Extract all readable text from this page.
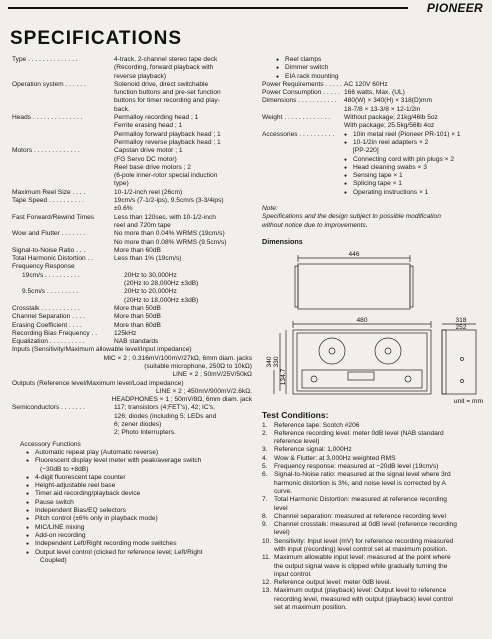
PIONEER
SPECIFICATIONS
Type . . . . . . . . . . . . . .	4-track, 2-channel stereo tape deck
(Recording, forward playback with
reverse playback)
Operation system . . . . . .	Solenoid drive, direct switchable
function buttons and pre-set function
buttons for timer recording and play-
back.
Heads . . . . . . . . . . . . . .	Permalloy recording head ; 1
Ferrite erasing head ; 1
Permalloy forward playback head ; 1
Permalloy reverse playback head ; 1
Motors . . . . . . . . . . . . .	Capstan drive motor ; 1
(FG Servo DC motor)
Reel base drive motors ; 2
(6-pole inner-rotor special induction
type)
Maximum Reel Size . . . .	10-1/2-inch reel (26cm)
Tape Speed . . . . . . . . . .	19cm/s (7-1/2-ips), 9.5cm/s (3-3/4ips)
±0.6%
Fast Forward/Rewind Times	Less than 120sec. with 10-1/2-inch
reel and 720m tape
Wow and Flutter . . . . . . .	No more than 0.04% WRMS (19cm/s)
No more than 0.08% WRMS (9.5cm/s)
Signal-to-Noise Ratio . . .	More than 60dB
Total Harmonic Distortion . .	Less than 1% (19cm/s)
Frequency Response
19cm/s . . . . . . . . . .	20Hz to 30,000Hz
(20Hz to 28,000Hz ±3dB)
9.5cm/s . . . . . . . . .	20Hz to 20,000Hz
(20Hz to 18,000Hz ±3dB)
Crosstalk . . . . . . . . . . .	More than 50dB
Channel Separation . . . .	More than 50dB
Erasing Coefficient . . . .	More than 60dB
Recording Bias Frequency . .	125kHz
Equalization . . . . . . . . . .	NAB standards
Inputs (Sensitivity/Maximum allowable level/Input impedance)
MIC × 2 ; 0.316mV/100mV/27kΩ, 6mm diam. jacks
(suitable microphone, 250Ω to 10kΩ)
LINE × 2 ; 50mV/25V/50kΩ
Outputs (Reference level/Maximum level/Load impedance)
LINE × 2 ; 450mV/900mV/2.6kΩ,
HEADPHONES × 1 ; 50mV/8Ω, 6mm diam. jack
Semiconductors . . . . . . .	117; transistors (4;FET's), 42; IC's,
126; diodes (including 5; LEDs and
6; zener diodes)
2; Photo Interrupters.
Accessory Functions
● Automatic repeat play (Automatic reverse)
● Fluorescent display level meter with peak/average switch
(−30dB to +8dB)
● 4-digit fluorescent tape counter
● Height-adjustable reel base
● Timer aid recording/playback device
● Pause switch
● Independent Bias/EQ selectors
● Pitch control (±6% only in playback mode)
● MIC/LINE mixing
● Add-on recording
● Independent Left/Right recording mode switches
● Output level control (clicked for reference level; Left/Right
Coupled)
● Reel clamps
● Dimmer switch
● EIA rack mounting
Power Requirements . . . . . AC 120V 60Hz
Power Consumption . . . . . 166 watts, Max. (UL)
Dimensions . . . . . . . . . . .	480(W) × 340(H) × 318(D)mm
18-7/8 × 13-3/8 × 12-1/2in
Weight . . . . . . . . . . . . .	Without package; 21kg/46lb 5oz
With package; 25.5kg/56lb 4oz
Accessories . . . . . . . . . .
●	10in metal reel (Pioneer PR-101) × 1
● 10-1/2in reel adapters × 2
[PP-220]
● Connecting cord with pin plugs × 2
● Head cleaning swabs × 3
● Sensing tape × 1
● Splicing tape × 1
● Operating instructions × 1
Note:
Specifications and the design subject to possible modification
without notice due to improvements.
Dimensions
446
480	318
252
340 330
134.7
unit = mm
Test Conditions:
1. Reference tape: Scotch #206
2. Reference recording level: meter 0dB level (NAB standard
reference level)
3. Reference signal: 1,000Hz
4. Wow & Flutter: at 3,000Hz weighted RMS
5. Frequency response: measured at −20dB level (19cm/s)
6. Signal-to-Noise ratio: measured at the signal level where 3rd
harmonic distortion is 3%, and noise level is corrected by A
curve.
7. Total Harmonic Distortion: measured at reference recording
level
8. Channel separation: measured at reference recording level
9. Channel crosstalk: measured at 0dB level (reference recording
level)
10. Sensitivity: Input level (mV) for reference recording measured
with input (recording) level control set at maximum position.
11. Maximum allowable input level: measured at the point where
the output signal wave is clipped while gradually turning the
input control.
12. Reference output level: meter 0dB level.
13. Maximum output (playback) level: Output level to reference
recording level, measured with output (playback) level control
set at maximum position.
